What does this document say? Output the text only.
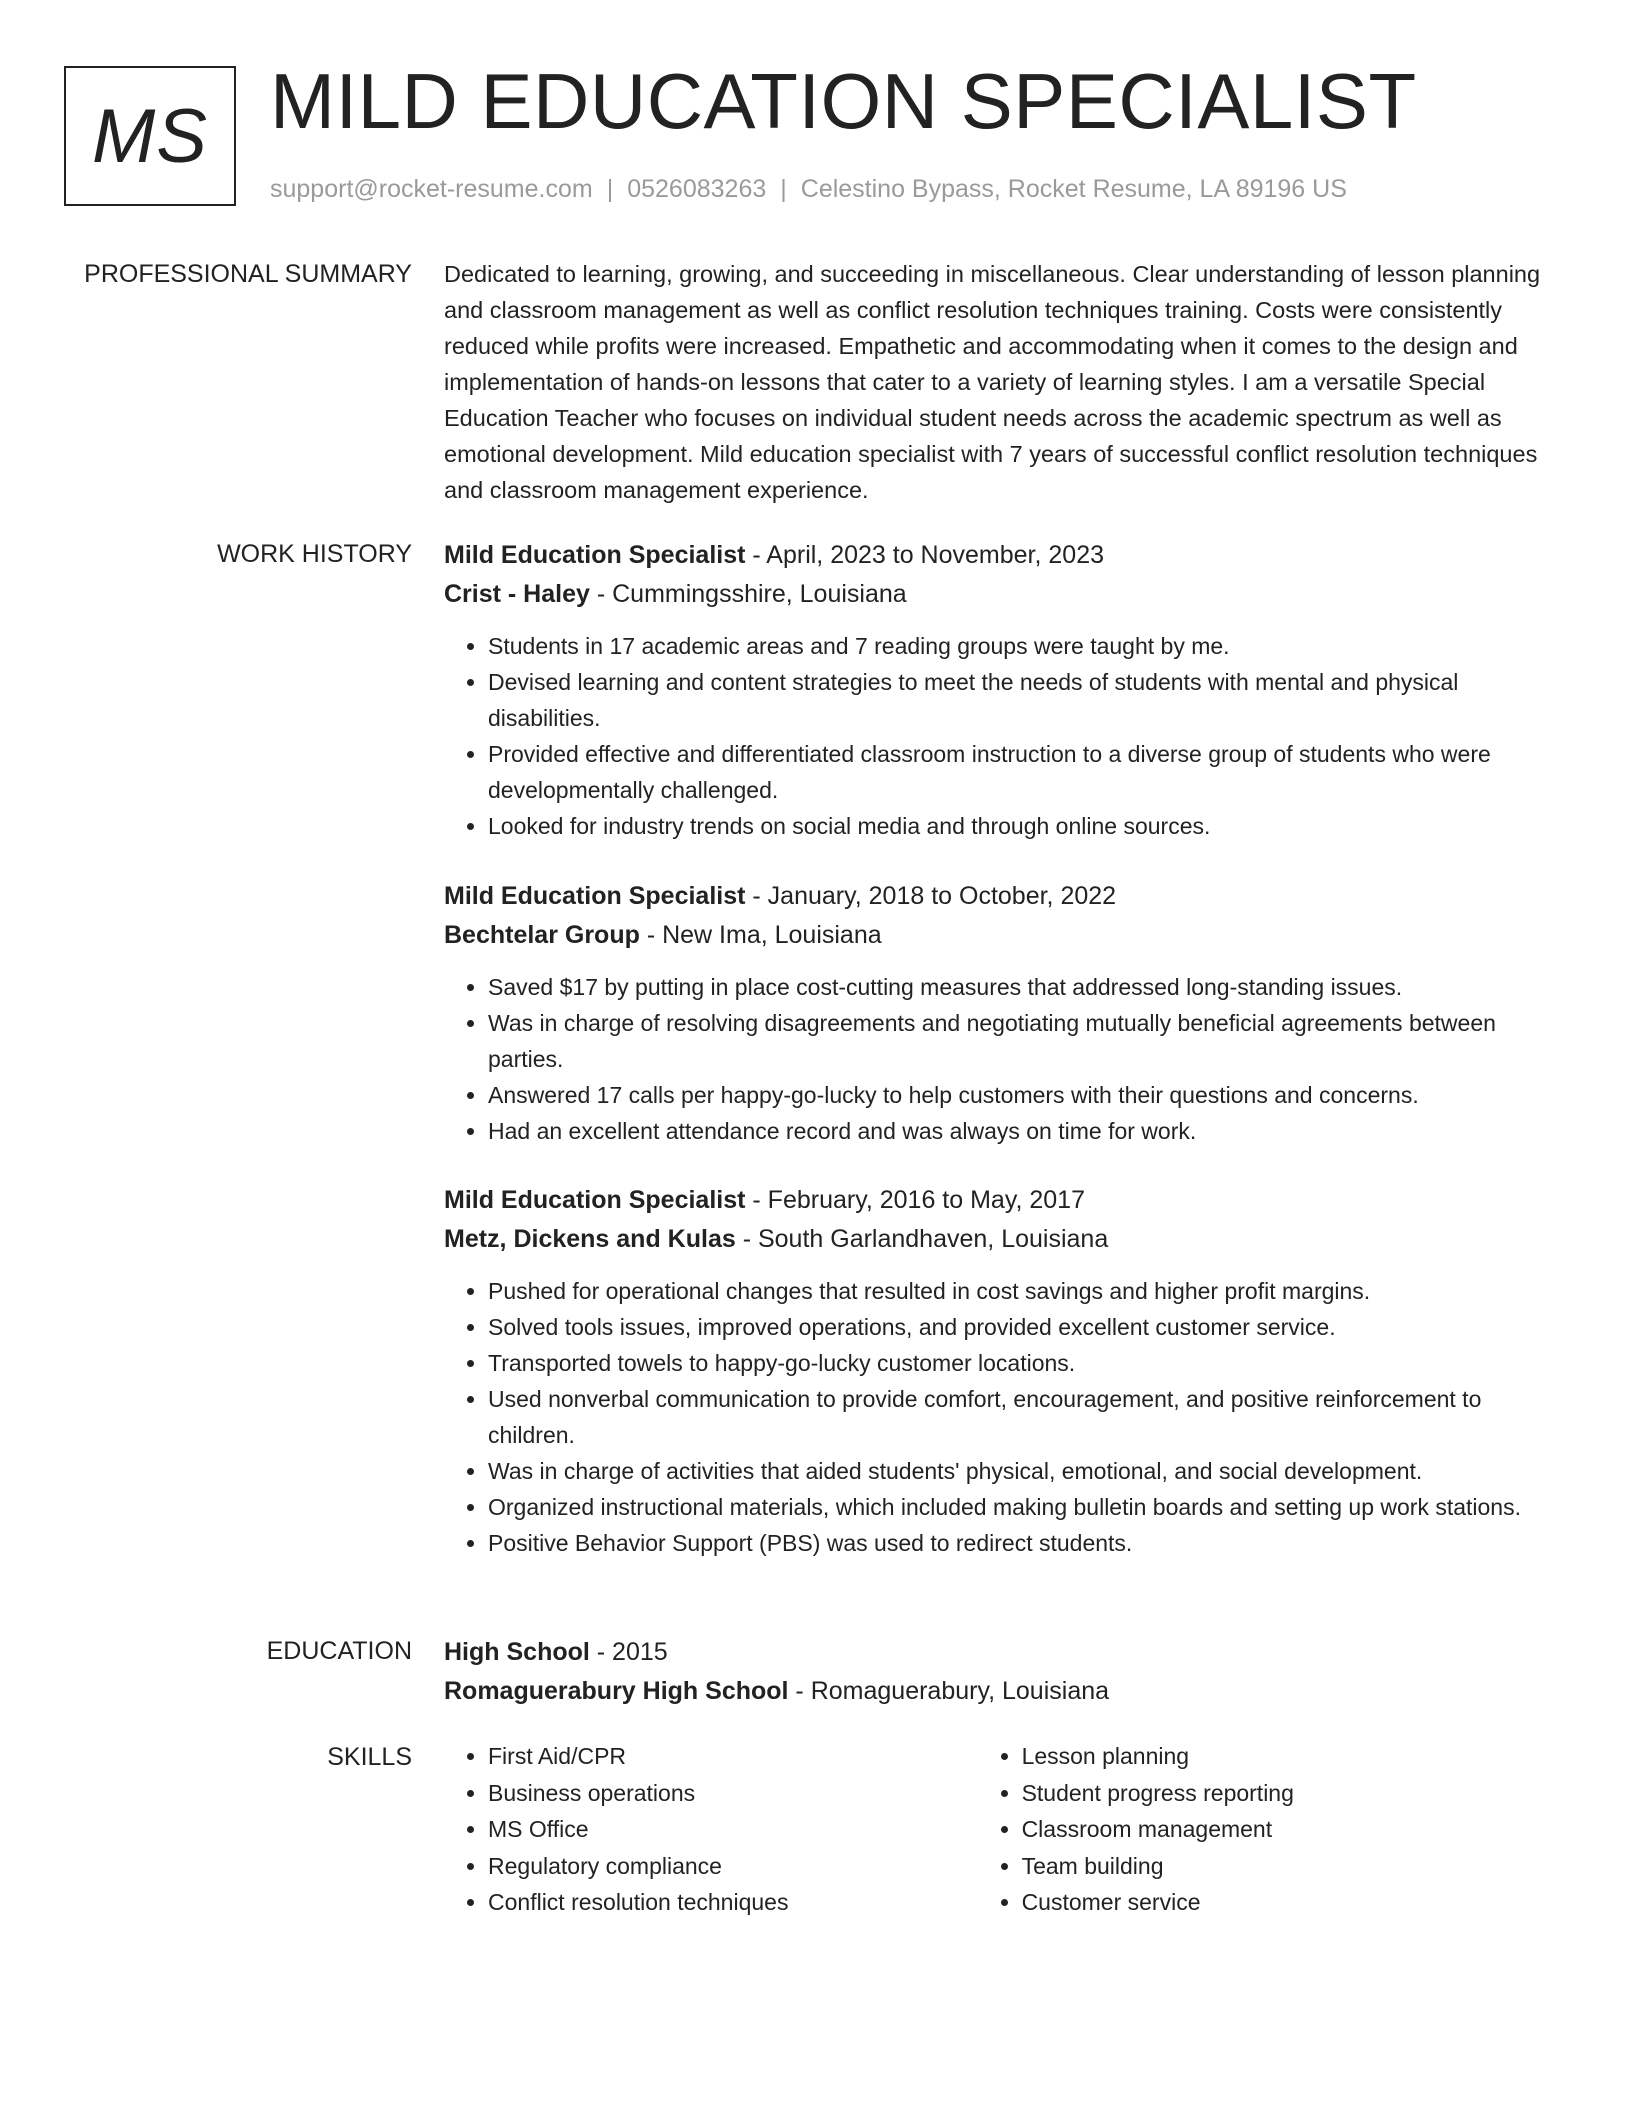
MS MILD EDUCATION SPECIALIST
support@rocket-resume.com | 0526083263 | Celestino Bypass, Rocket Resume, LA 89196 US
PROFESSIONAL SUMMARY Dedicated to learning, growing, and succeeding in miscellaneous. Clear understanding of lesson planning and classroom management as well as conflict resolution techniques training. Costs were consistently reduced while profits were increased. Empathetic and accommodating when it comes to the design and implementation of hands-on lessons that cater to a variety of learning styles. I am a versatile Special Education Teacher who focuses on individual student needs across the academic spectrum as well as emotional development. Mild education specialist with 7 years of successful conflict resolution techniques and classroom management experience.
WORK HISTORY Mild Education Specialist - April, 2023 to November, 2023
Crist - Haley - Cummingsshire, Louisiana
• Students in 17 academic areas and 7 reading groups were taught by me.
• Devised learning and content strategies to meet the needs of students with mental and physical disabilities.
• Provided effective and differentiated classroom instruction to a diverse group of students who were developmentally challenged.
• Looked for industry trends on social media and through online sources.
Mild Education Specialist - January, 2018 to October, 2022
Bechtelar Group - New Ima, Louisiana
• Saved $17 by putting in place cost-cutting measures that addressed long-standing issues.
• Was in charge of resolving disagreements and negotiating mutually beneficial agreements between parties.
• Answered 17 calls per happy-go-lucky to help customers with their questions and concerns.
• Had an excellent attendance record and was always on time for work.
Mild Education Specialist - February, 2016 to May, 2017
Metz, Dickens and Kulas - South Garlandhaven, Louisiana
• Pushed for operational changes that resulted in cost savings and higher profit margins.
• Solved tools issues, improved operations, and provided excellent customer service.
• Transported towels to happy-go-lucky customer locations.
• Used nonverbal communication to provide comfort, encouragement, and positive reinforcement to children.
• Was in charge of activities that aided students' physical, emotional, and social development.
• Organized instructional materials, which included making bulletin boards and setting up work stations.
• Positive Behavior Support (PBS) was used to redirect students.
EDUCATION High School - 2015
Romaguerabury High School - Romaguerabury, Louisiana
SKILLS
•	First Aid/CPR
• Business operations
• MS Office
• Regulatory compliance
• Conflict resolution techniques
• Lesson planning
• Student progress reporting
• Classroom management
• Team building
• Customer service
